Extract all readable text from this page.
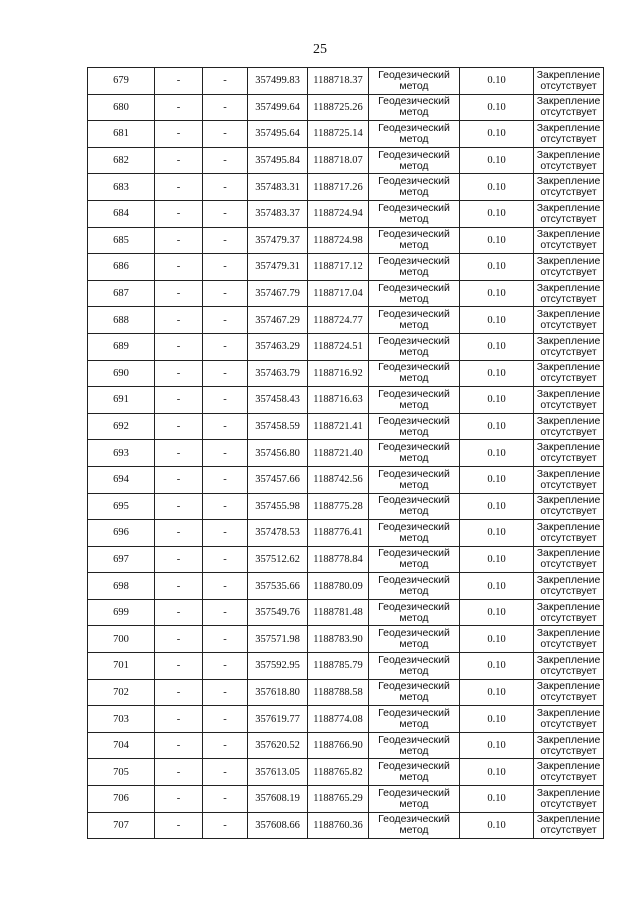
25
679	-	-	357499.83	1188718.37	Геодезический метод	0.10	Закрепление отсутствует
680	-	-	357499.64	1188725.26	Геодезический метод	0.10	Закрепление отсутствует
681	-	-	357495.64	1188725.14	Геодезический метод	0.10	Закрепление отсутствует
682	-	-	357495.84	1188718.07	Геодезический метод	0.10	Закрепление отсутствует
683	-	-	357483.31	1188717.26	Геодезический метод	0.10	Закрепление отсутствует
684	-	-	357483.37	1188724.94	Геодезический метод	0.10	Закрепление отсутствует
685	-	-	357479.37	1188724.98	Геодезический метод	0.10	Закрепление отсутствует
686	-	-	357479.31	1188717.12	Геодезический метод	0.10	Закрепление отсутствует
687	-	-	357467.79	1188717.04	Геодезический метод	0.10	Закрепление отсутствует
688	-	-	357467.29	1188724.77	Геодезический метод	0.10	Закрепление отсутствует
689	-	-	357463.29	1188724.51	Геодезический метод	0.10	Закрепление отсутствует
690	-	-	357463.79	1188716.92	Геодезический метод	0.10	Закрепление отсутствует
691	-	-	357458.43	1188716.63	Геодезический метод	0.10	Закрепление отсутствует
692	-	-	357458.59	1188721.41	Геодезический метод	0.10	Закрепление отсутствует
693	-	-	357456.80	1188721.40	Геодезический метод	0.10	Закрепление отсутствует
694	-	-	357457.66	1188742.56	Геодезический метод	0.10	Закрепление отсутствует
695	-	-	357455.98	1188775.28	Геодезический метод	0.10	Закрепление отсутствует
696	-	-	357478.53	1188776.41	Геодезический метод	0.10	Закрепление отсутствует
697	-	-	357512.62	1188778.84	Геодезический метод	0.10	Закрепление отсутствует
698	-	-	357535.66	1188780.09	Геодезический метод	0.10	Закрепление отсутствует
699	-	-	357549.76	1188781.48	Геодезический метод	0.10	Закрепление отсутствует
700	-	-	357571.98	1188783.90	Геодезический метод	0.10	Закрепление отсутствует
701	-	-	357592.95	1188785.79	Геодезический метод	0.10	Закрепление отсутствует
702	-	-	357618.80	1188788.58	Геодезический метод	0.10	Закрепление отсутствует
703	-	-	357619.77	1188774.08	Геодезический метод	0.10	Закрепление отсутствует
704	-	-	357620.52	1188766.90	Геодезический метод	0.10	Закрепление отсутствует
705	-	-	357613.05	1188765.82	Геодезический метод	0.10	Закрепление отсутствует
706	-	-	357608.19	1188765.29	Геодезический метод	0.10	Закрепление отсутствует
707	-	-	357608.66	1188760.36	Геодезический метод	0.10	Закрепление отсутствует
